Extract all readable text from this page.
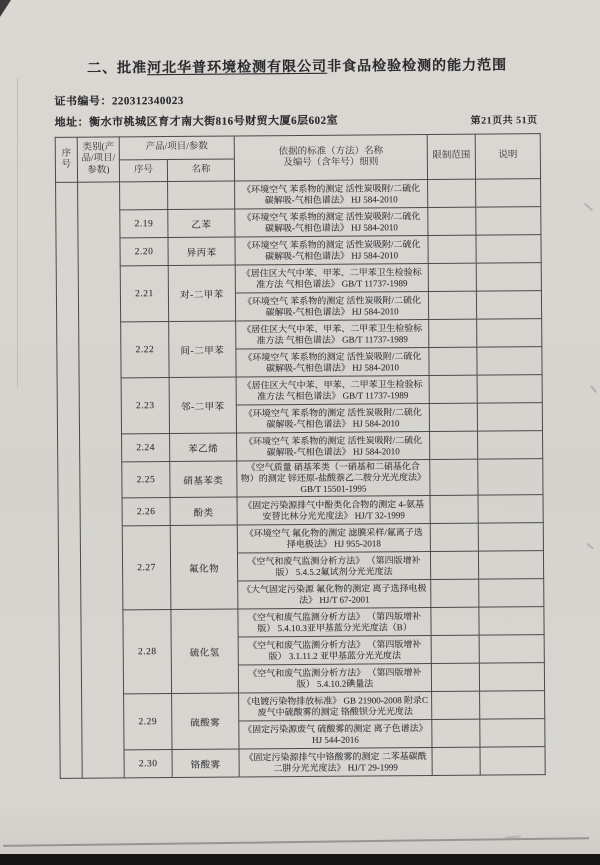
二、批准河北华普环境检测有限公司非食品检验检测的能力范围
证书编号：220312340023
地址：衡水市桃城区育才南大街816号财贸大厦6层602室	第21页共 51页
序号	类别(产品/项目/参数)	产品/项目/参数		依据的标准（方法）名称
及编号（含年号）细则	限制范围	说明
		序号	名称			
				《环境空气 苯系物的测定 活性炭吸附/二硫化碳解吸-气相色谱法》 HJ 584-2010		
		2.19	乙苯	《环境空气 苯系物的测定 活性炭吸附/二硫化碳解吸-气相色谱法》 HJ 584-2010		
		2.20	异丙苯	《环境空气 苯系物的测定 活性炭吸附/二硫化碳解吸-气相色谱法》 HJ 584-2010		
		2.21	对-二甲苯	《居住区大气中苯、甲苯、二甲苯卫生检验标准方法 气相色谱法》 GB/T 11737-1989		
				《环境空气 苯系物的测定 活性炭吸附/二硫化碳解吸-气相色谱法》 HJ 584-2010		
		2.22	间-二甲苯	《居住区大气中苯、甲苯、二甲苯卫生检验标准方法 气相色谱法》 GB/T 11737-1989		
				《环境空气 苯系物的测定 活性炭吸附/二硫化碳解吸-气相色谱法》 HJ 584-2010		
		2.23	邻-二甲苯	《居住区大气中苯、甲苯、二甲苯卫生检验标准方法 气相色谱法》 GB/T 11737-1989		
				《环境空气 苯系物的测定 活性炭吸附/二硫化碳解吸-气相色谱法》 HJ 584-2010		
		2.24	苯乙烯	《环境空气 苯系物的测定 活性炭吸附/二硫化碳解吸-气相色谱法》 HJ 584-2010		
		2.25	硝基苯类	《空气质量 硝基苯类（一硝基和二硝基化合物）的测定 锌还原-盐酸萘乙二胺分光光度法》 GB/T 15501-1995		
		2.26	酚类	《固定污染源排气中酚类化合物的测定 4-氨基安替比林分光光度法》 HJ/T 32-1999		
		2.27	氟化物	《环境空气 氟化物的测定 滤膜采样/氟离子选择电极法》 HJ 955-2018		
				《空气和废气监测分析方法》 （第四版增补版） 5.4.5.2氟试剂分光光度法		
				《大气固定污染源 氟化物的测定 离子选择电极法》 HJ/T 67-2001		
		2.28	硫化氢	《空气和废气监测分析方法》 （第四版增补版） 5.4.10.3亚甲基蓝分光光度法（B）		
				《空气和废气监测分析方法》 （第四版增补版） 3.1.11.2 亚甲基蓝分光光度法		
				《空气和废气监测分析方法》 （第四版增补版） 5.4.10.2碘量法		
		2.29	硫酸雾	《电镀污染物排放标准》 GB 21900-2008 附录C 废气中硫酸雾的测定 铬酸钡分光光度法		
				《固定污染源废气 硫酸雾的测定 离子色谱法》 HJ 544-2016		
		2.30	铬酸雾	《固定污染源排气中铬酸雾的测定 二苯基碳酰二肼分光光度法》 HJ/T 29-1999		
